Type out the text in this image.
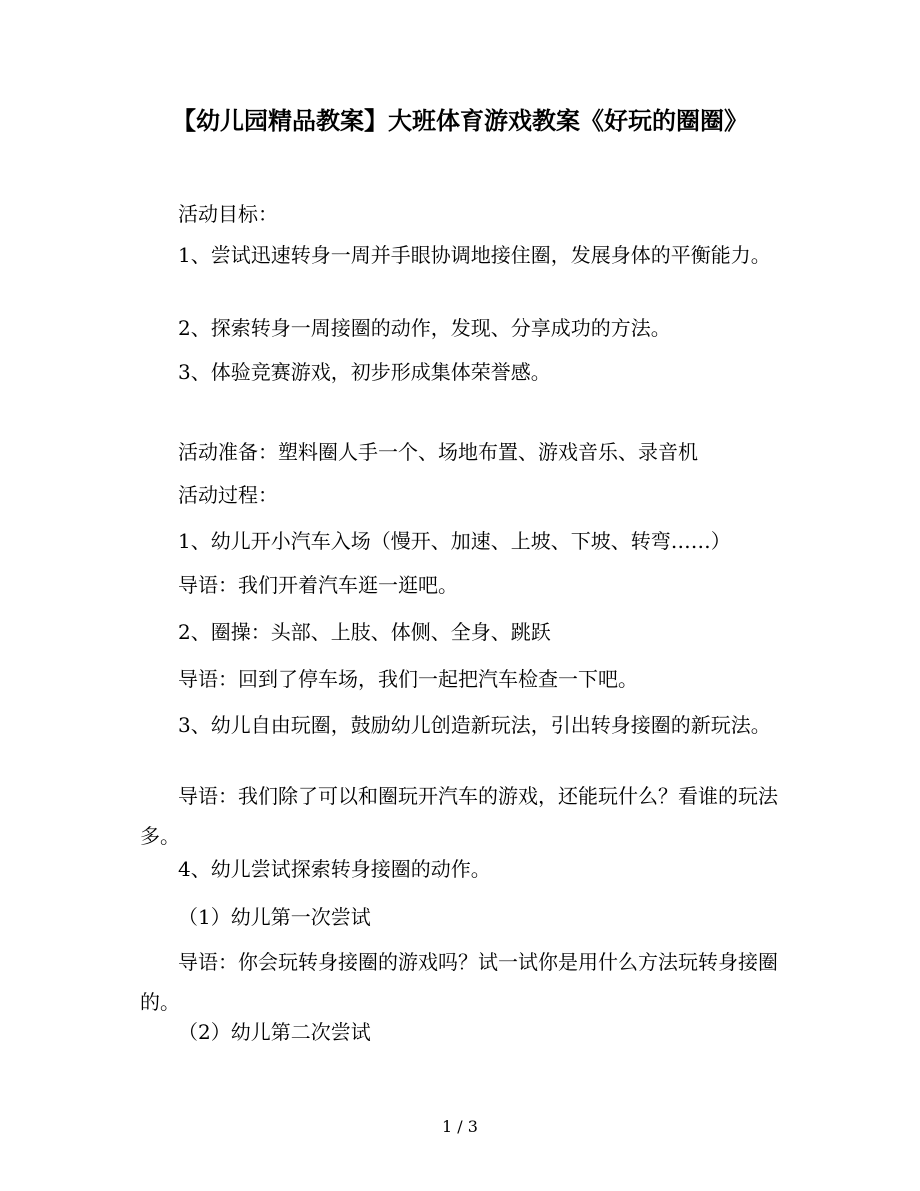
【幼儿园精品教案】大班体育游戏教案《好玩的圈圈》

活动目标：

1、尝试迅速转身一周并手眼协调地接住圈，发展身体的平衡能力。

2、探索转身一周接圈的动作，发现、分享成功的方法。

3、体验竞赛游戏，初步形成集体荣誉感。

活动准备：塑料圈人手一个、场地布置、游戏音乐、录音机

活动过程：

1、幼儿开小汽车入场（慢开、加速、上坡、下坡、转弯……）

导语：我们开着汽车逛一逛吧。

2、圈操：头部、上肢、体侧、全身、跳跃

导语：回到了停车场，我们一起把汽车检查一下吧。

3、幼儿自由玩圈，鼓励幼儿创造新玩法，引出转身接圈的新玩法。

导语：我们除了可以和圈玩开汽车的游戏，还能玩什么？看谁的玩法多。

4、幼儿尝试探索转身接圈的动作。

（1）幼儿第一次尝试

导语：你会玩转身接圈的游戏吗？试一试你是用什么方法玩转身接圈的。

（2）幼儿第二次尝试

1 / 3
